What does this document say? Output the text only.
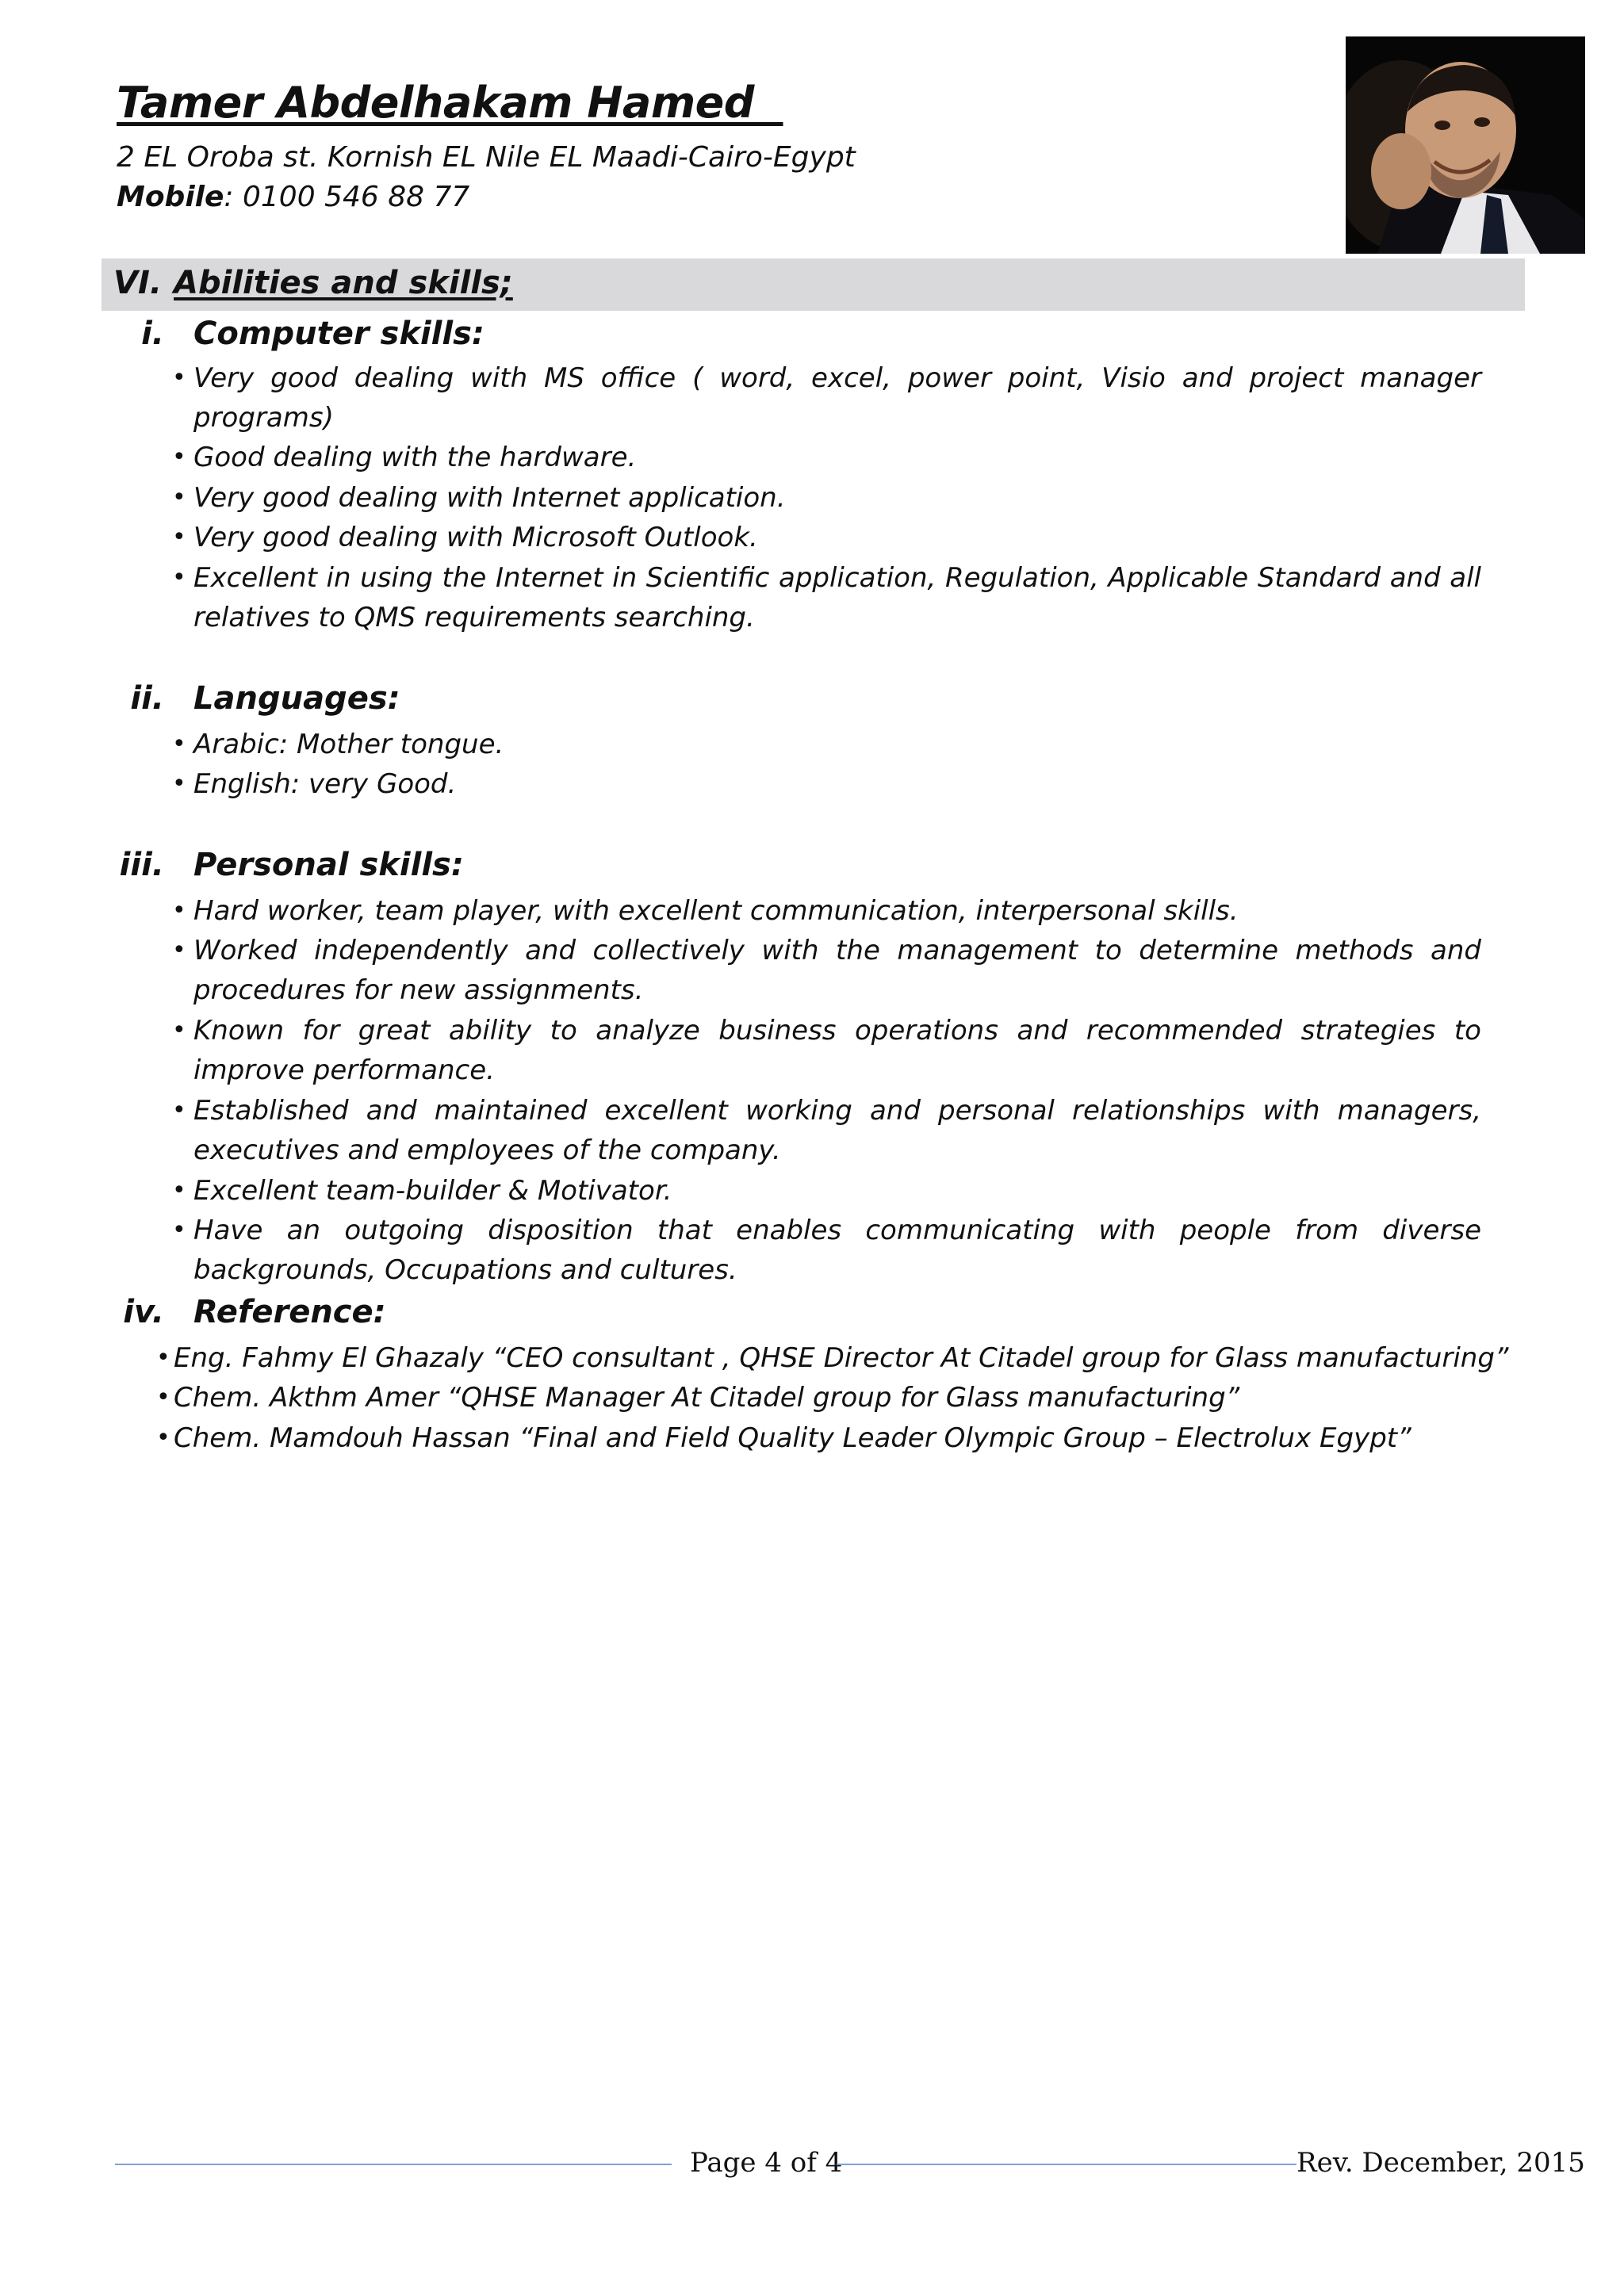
Tamer Abdelhakam Hamed
2 EL Oroba st. Kornish EL Nile EL Maadi-Cairo-Egypt
Mobile: 0100 546 88 77
VI. Abilities and skills;
i. Computer skills:
• Very good dealing with MS office ( word, excel, power point, Visio and project manager programs)
• Good dealing with the hardware.
• Very good dealing with Internet application.
• Very good dealing with Microsoft Outlook.
• Excellent in using the Internet in Scientific application, Regulation, Applicable Standard and all relatives to QMS requirements searching.
ii. Languages:
• Arabic: Mother tongue.
• English: very Good.
iii. Personal skills:
• Hard worker, team player, with excellent communication, interpersonal skills.
• Worked independently and collectively with the management to determine methods and procedures for new assignments.
• Known for great ability to analyze business operations and recommended strategies to improve performance.
• Established and maintained excellent working and personal relationships with managers, executives and employees of the company.
• Excellent team-builder & Motivator.
• Have an outgoing disposition that enables communicating with people from diverse backgrounds, Occupations and cultures.
iv. Reference:
• Eng. Fahmy El Ghazaly “CEO consultant , QHSE Director At Citadel group for Glass manufacturing”
• Chem. Akthm Amer “QHSE Manager At Citadel group for Glass manufacturing”
• Chem. Mamdouh Hassan “Final and Field Quality Leader Olympic Group – Electrolux Egypt”
Page 4 of 4	Rev. December, 2015
